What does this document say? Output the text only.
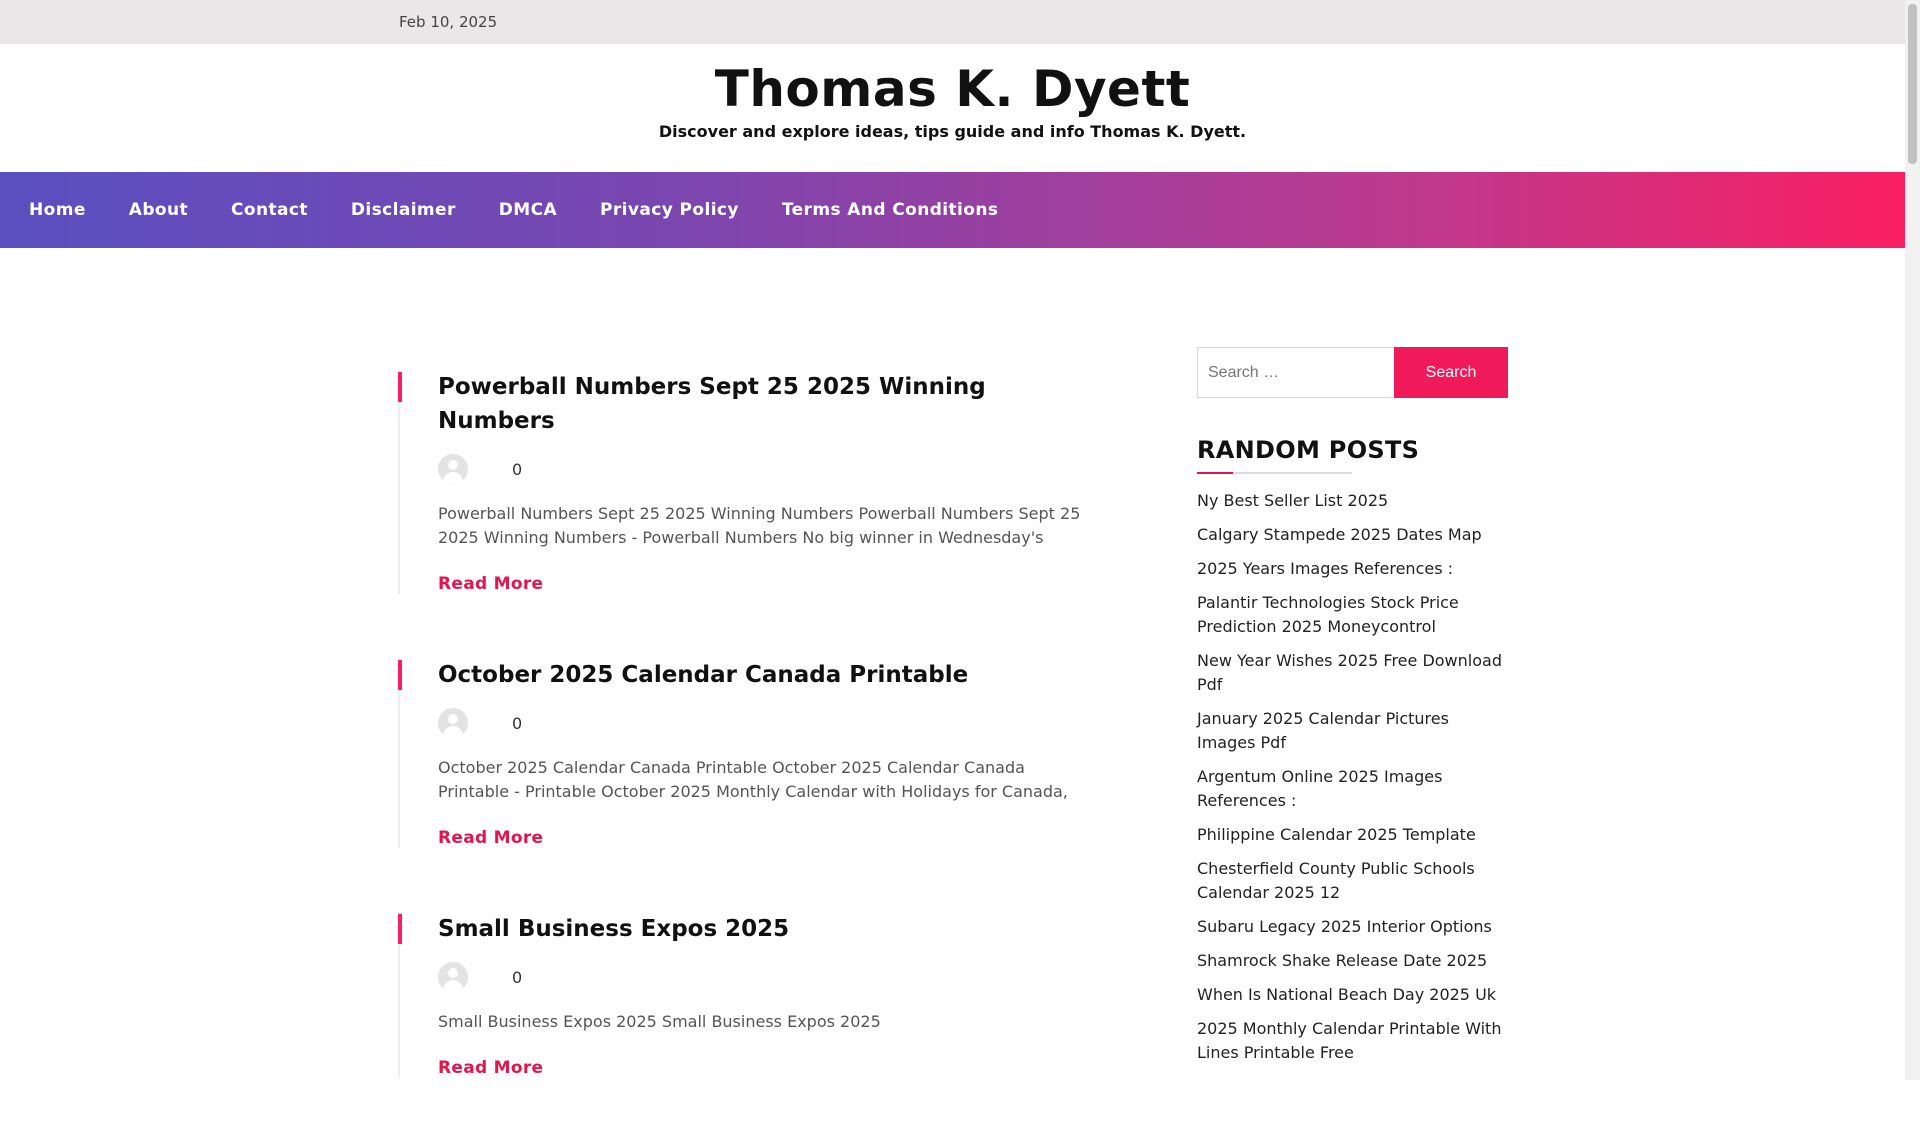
Feb 10, 2025
Thomas K. Dyett
Discover and explore ideas, tips guide and info Thomas K. Dyett.
Home	About	Contact	Disclaimer	DMCA	Privacy Policy	Terms And Conditions
Powerball Numbers Sept 25 2025 Winning Numbers
0

Powerball Numbers Sept 25 2025 Winning Numbers Powerball Numbers Sept 25 2025 Winning Numbers - Powerball Numbers No big winner in Wednesday's

Read More
October 2025 Calendar Canada Printable
0

October 2025 Calendar Canada Printable October 2025 Calendar Canada Printable - Printable October 2025 Monthly Calendar with Holidays for Canada,

Read More
Small Business Expos 2025
0

Small Business Expos 2025 Small Business Expos 2025

Read More
Search …
Search
RANDOM POSTS
Ny Best Seller List 2025
Calgary Stampede 2025 Dates Map
2025 Years Images References :
Palantir Technologies Stock Price Prediction 2025 Moneycontrol
New Year Wishes 2025 Free Download Pdf
January 2025 Calendar Pictures Images Pdf
Argentum Online 2025 Images References :
Philippine Calendar 2025 Template
Chesterfield County Public Schools Calendar 2025 12
Subaru Legacy 2025 Interior Options
Shamrock Shake Release Date 2025
When Is National Beach Day 2025 Uk
2025 Monthly Calendar Printable With Lines Printable Free
